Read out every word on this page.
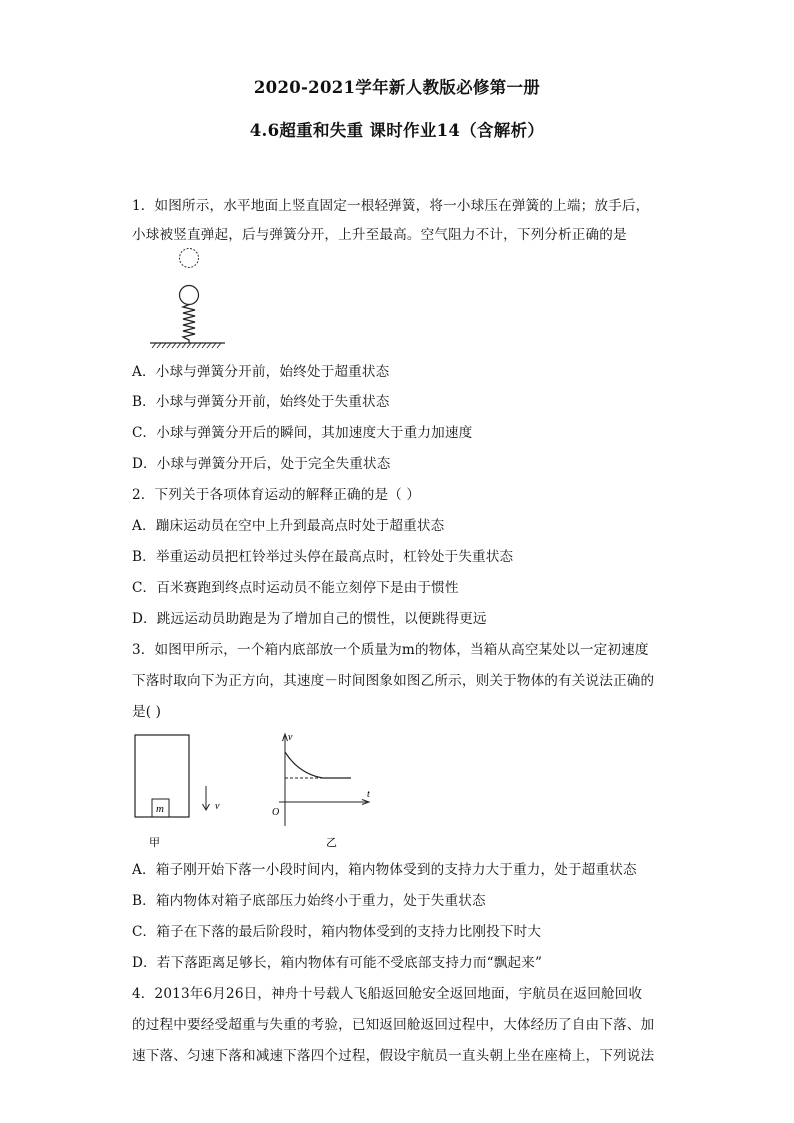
2020-2021学年新人教版必修第一册
4.6超重和失重 课时作业14（含解析）
1．如图所示，水平地面上竖直固定一根轻弹簧，将一小球压在弹簧的上端；放手后，
小球被竖直弹起，后与弹簧分开，上升至最高。空气阻力不计，下列分析正确的是
A．小球与弹簧分开前，始终处于超重状态
B．小球与弹簧分开前，始终处于失重状态
C．小球与弹簧分开后的瞬间，其加速度大于重力加速度
D．小球与弹簧分开后，处于完全失重状态
2．下列关于各项体育运动的解释正确的是（ ）
A．蹦床运动员在空中上升到最高点时处于超重状态
B．举重运动员把杠铃举过头停在最高点时，杠铃处于失重状态
C．百米赛跑到终点时运动员不能立刻停下是由于惯性
D．跳远运动员助跑是为了增加自己的惯性，以便跳得更远
3．如图甲所示，一个箱内底部放一个质量为m的物体，当箱从高空某处以一定初速度
下落时取向下为正方向，其速度－时间图象如图乙所示，则关于物体的有关说法正确的
是( )
m	v
甲
v
t
O
乙
A．箱子刚开始下落一小段时间内，箱内物体受到的支持力大于重力，处于超重状态
B．箱内物体对箱子底部压力始终小于重力，处于失重状态
C．箱子在下落的最后阶段时，箱内物体受到的支持力比刚投下时大
D．若下落距离足够长，箱内物体有可能不受底部支持力而“飘起来”
4．2013年6月26日，神舟十号载人飞船返回舱安全返回地面，宇航员在返回舱回收
的过程中要经受超重与失重的考验，已知返回舱返回过程中，大体经历了自由下落、加
速下落、匀速下落和减速下落四个过程，假设宇航员一直头朝上坐在座椅上，下列说法
